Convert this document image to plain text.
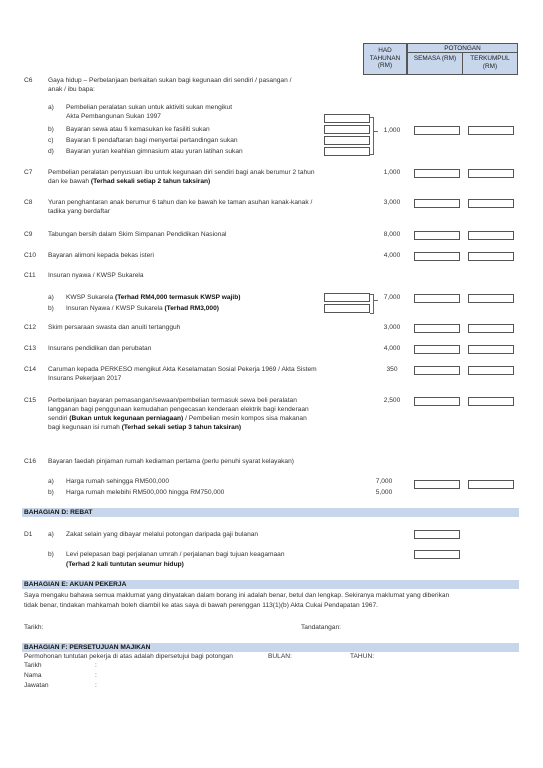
HAD TAHUNAN (RM)
POTONGAN
SEMASA (RM)	TERKUMPUL (RM)
C6 Gaya hidup – Perbelanjaan berkaitan sukan bagi kegunaan diri sendiri / pasangan /
anak / ibu bapa:
a) Pembelian peralatan sukan untuk aktiviti sukan mengikut
Akta Pembangunan Sukan 1997
b) Bayaran sewa atau fi kemasukan ke fasiliti sukan
c) Bayaran fi pendaftaran bagi menyertai pertandingan sukan
d) Bayaran yuran keahlian gimnasium atau yuran latihan sukan
1,000
C7 Pembelian peralatan penyusuan ibu untuk kegunaan diri sendiri bagi anak berumur 2 tahun
dan ke bawah (Terhad sekali setiap 2 tahun taksiran)
1,000
C8 Yuran penghantaran anak berumur 6 tahun dan ke bawah ke taman asuhan kanak-kanak /
tadika yang berdaftar
3,000
C9 Tabungan bersih dalam Skim Simpanan Pendidikan Nasional	8,000
C10 Bayaran alimoni kepada bekas isteri	4,000
C11 Insuran nyawa / KWSP Sukarela
a) KWSP Sukarela (Terhad RM4,000 termasuk KWSP wajib)
b) Insuran Nyawa / KWSP Sukarela (Terhad RM3,000)
7,000
C12 Skim persaraan swasta dan anuiti tertangguh	3,000
C13 Insurans pendidikan dan perubatan	4,000
C14 Caruman kepada PERKESO mengikut Akta Keselamatan Sosial Pekerja 1969 / Akta Sistem
Insurans Pekerjaan 2017
350
C15 Perbelanjaan bayaran pemasangan/sewaan/pembelian termasuk sewa beli peralatan
langganan bagi penggunaan kemudahan pengecasan kenderaan elektrik bagi kenderaan
sendiri (Bukan untuk kegunaan perniagaan) / Pembelian mesin kompos sisa makanan
bagi kegunaan isi rumah (Terhad sekali setiap 3 tahun taksiran)
2,500
C16 Bayaran faedah pinjaman rumah kediaman pertama (perlu penuhi syarat kelayakan)
a) Harga rumah sehingga RM500,000	7,000
b) Harga rumah melebihi RM500,000 hingga RM750,000	5,000
BAHAGIAN D: REBAT
D1 a) Zakat selain yang dibayar melalui potongan daripada gaji bulanan
b) Levi pelepasan bagi perjalanan umrah / perjalanan bagi tujuan keagamaan
(Terhad 2 kali tuntutan seumur hidup)
BAHAGIAN E: AKUAN PEKERJA
Saya mengaku bahawa semua maklumat yang dinyatakan dalam borang ini adalah benar, betul dan lengkap. Sekiranya maklumat yang diberikan
tidak benar, tindakan mahkamah boleh diambil ke atas saya di bawah perenggan 113(1)(b) Akta Cukai Pendapatan 1967.
Tarikh:	Tandatangan:
BAHAGIAN F: PERSETUJUAN MAJIKAN
Permohonan tuntutan pekerja di atas adalah dipersetujui bagi potongan	BULAN:	TAHUN:
Tarikh	:
Nama	:
Jawatan	:
